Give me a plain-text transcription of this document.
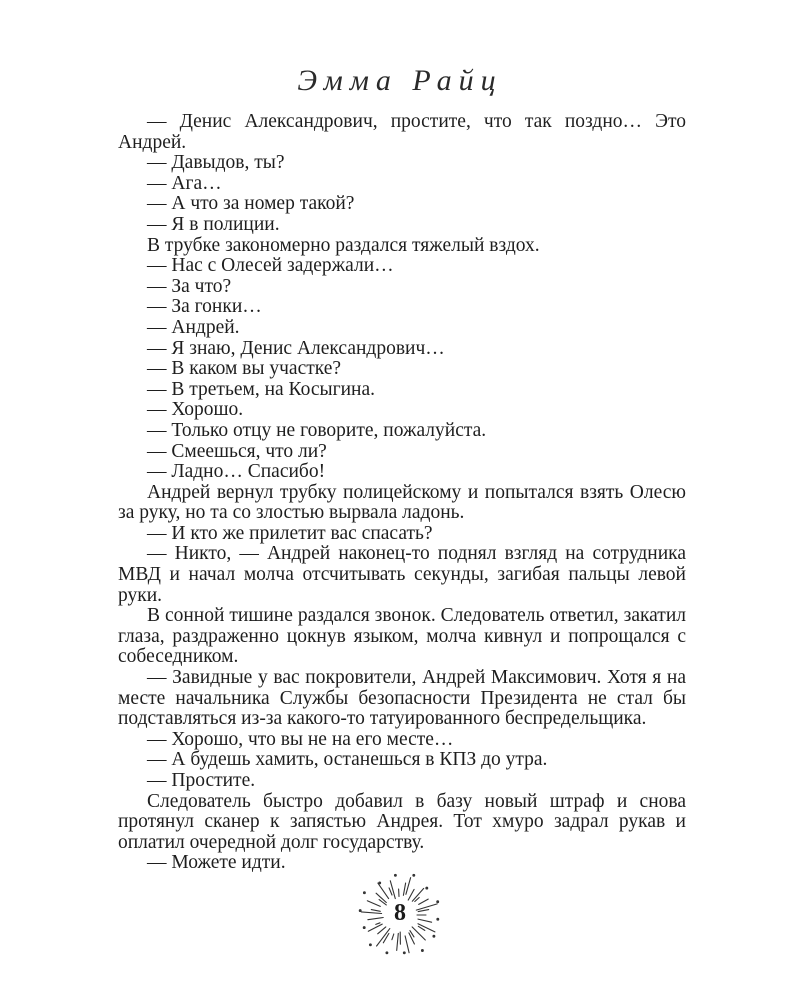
Эмма Райц

— Денис Александрович, простите, что так поздно… Это Андрей.

— Давыдов, ты?

— Ага…

— А что за номер такой?

— Я в полиции.

В трубке закономерно раздался тяжелый вздох.

— Нас с Олесей задержали…

— За что?

— За гонки…

— Андрей.

— Я знаю, Денис Александрович…

— В каком вы участке?

— В третьем, на Косыгина.

— Хорошо.

— Только отцу не говорите, пожалуйста.

— Смеешься, что ли?

— Ладно… Спасибо!

Андрей вернул трубку полицейскому и попытался взять Олесю за руку, но та со злостью вырвала ладонь.

— И кто же прилетит вас спасать?

— Никто, — Андрей наконец-то поднял взгляд на сотрудника МВД и начал молча отсчитывать секунды, загибая пальцы левой руки.

В сонной тишине раздался звонок. Следователь ответил, закатил глаза, раздраженно цокнув языком, молча кивнул и попрощался с собеседником.

— Завидные у вас покровители, Андрей Максимович. Хотя я на месте начальника Службы безопасности Президента не стал бы подставляться из-за какого-то татуированного беспредельщика.

— Хорошо, что вы не на его месте…

— А будешь хамить, останешься в КПЗ до утра.

— Простите.

Следователь быстро добавил в базу новый штраф и снова протянул сканер к запястью Андрея. Тот хмуро задрал рукав и оплатил очередной долг государству.

— Можете идти.

8
